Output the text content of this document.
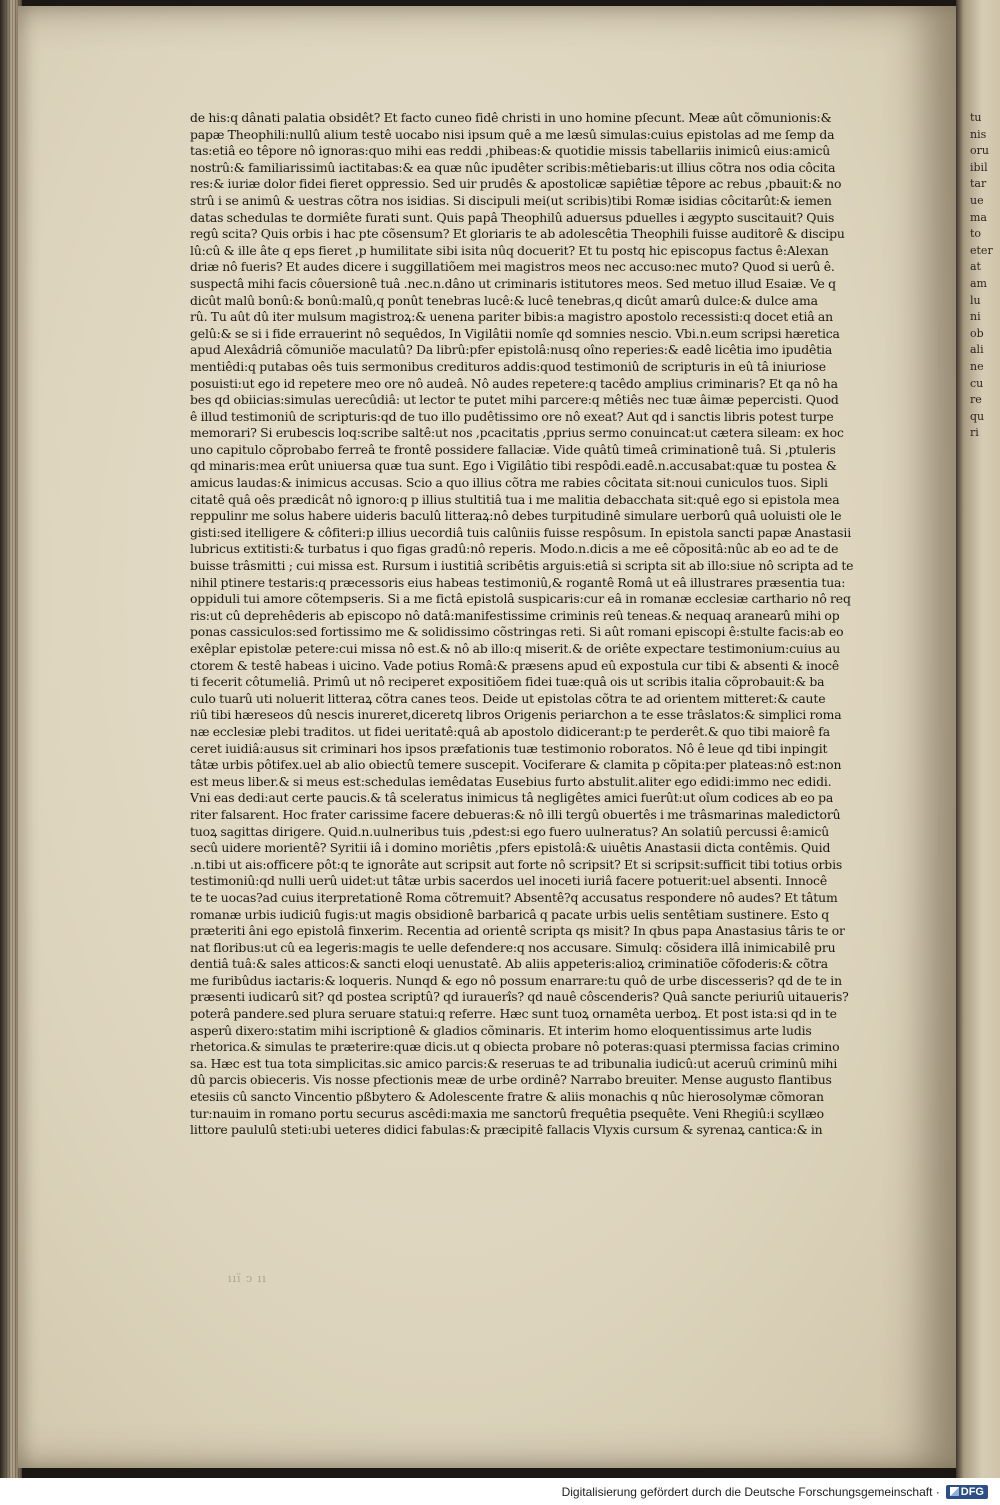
de his:q dânati palatia obsidêt? Et facto cuneo fidê christi in uno homine pſecunt. Meæ aût cõmunionis:&
papæ Theophili:nullû alium testê uocabo nisi ipsum quê a me læsû simulas:cuius epistolas ad me ſemp da
tas:etiâ eo têpore nô ignoras:quo mihi eas reddi ,phibeas:& quotidie missis tabellariis inimicû eius:amicû
nostrû:& familiarissimû iactitabas:& ea quæ nûc ipudêter scribis:mêtiebaris:ut illius cõtra nos odia côcita
res:& iuriæ dolor fidei fieret oppressio. Sed uir prudês & apostolicæ sapiêtiæ têpore ac rebus ,pbauit:& no
strû i se animû & uestras cõtra nos isidias. Si discipuli mei(ut scribis)tibi Romæ isidias côcitarût:& iemen
datas schedulas te dormiête furati sunt. Quis papâ Theophilû aduersus pduelles i ægypto suscitauit? Quis
regû scita? Quis orbis i hac pte cõsensum? Et gloriaris te ab adolescêtia Theophili fuisse auditorê & discipu
lû:cû & ille âte q eps fieret ,p humilitate sibi isita nûq docuerit? Et tu postq hic episcopus factus ê:Alexan
driæ nô fueris? Et audes dicere i suggillatiõem mei magistros meos nec accuso:nec muto? Quod si uerû ê.
suspectâ mihi facis côuersionê tuâ .nec.n.dâno ut criminaris istitutores meos. Sed metuo illud Esaiæ. Ve q
dicût malû bonû:& bonû:malû,q ponût tenebras lucê:& lucê tenebras,q dicût amarû dulce:& dulce ama
rû. Tu aût dû iter mulsum magistroꝝ:& uenena pariter bibis:a magistro apostolo recessisti:q docet etiâ an
gelû:& se si i fide errauerint nô sequêdos, In Vigilâtii nomîe qd somnies nescio. Vbi.n.eum scripsi hæretica
apud Alexâdriâ cõmuniõe maculatû? Da librû:pfer epistolâ:nusq oîno reperies:& eadê licêtia imo ipudêtia
mentiêdi:q putabas oês tuis sermonibus credituros addis:quod testimoniû de scripturis in eû tâ iniuriose
posuisti:ut ego id repetere meo ore nô audeâ. Nô audes repetere:q tacêdo amplius criminaris? Et qa nô ha
bes qd obiicias:simulas uerecûdiâ: ut lector te putet mihi parcere:q mêtiês nec tuæ âimæ pepercisti. Quod
ê illud testimoniû de scripturis:qd de tuo illo pudêtissimo ore nô exeat? Aut qd i sanctis libris potest turpe
memorari? Si erubescis loq:scribe saltê:ut nos ,pcacitatis ,pprius sermo conuincat:ut cætera sileam: ex hoc
uno capitulo cõprobabo ferreâ te frontê possidere fallaciæ. Vide quâtû timeâ criminationê tuâ. Si ,ptuleris
qd minaris:mea erût uniuersa quæ tua sunt. Ego i Vigilâtio tibi respôdi.eadê.n.accusabat:quæ tu postea &
amicus laudas:& inimicus accusas. Scio a quo illius cõtra me rabies côcitata sit:noui cuniculos tuos. Sipli
citatê quâ oês prædicât nô ignoro:q p illius stultitiâ tua i me malitia debacchata sit:quê ego si epistola mea
reppulinr me solus habere uideris baculû litteraꝝ:nô debes turpitudinê simulare uerborû quâ uoluisti ole le
gisti:sed itelligere & côfiteri:p illius uecordiâ tuis calûniis fuisse respôsum. In epistola sancti papæ Anastasii
lubricus extitisti:& turbatus i quo figas gradû:nô reperis. Modo.n.dicis a me eê cõpositâ:nûc ab eo ad te de
buisse trâsmitti ; cui missa est. Rursum i iustitiâ scribêtis arguis:etiâ si scripta sit ab illo:siue nô scripta ad te
nihil ptinere testaris:q præcessoris eius habeas testimoniû,& rogantê Româ ut eâ illustrares præsentia tua:
oppiduli tui amore cõtempseris. Si a me fictâ epistolâ suspicaris:cur eâ in romanæ ecclesiæ carthario nô req
ris:ut cû deprehêderis ab episcopo nô datâ:manifestissime criminis reû teneas.& nequaq aranearû mihi op
ponas cassiculos:sed fortissimo me & solidissimo cõstringas reti. Si aût romani episcopi ê:stulte facis:ab eo
exêplar epistolæ petere:cui missa nô est.& nô ab illo:q miserit.& de oriête expectare testimonium:cuius au
ctorem & testê habeas i uicino. Vade potius Româ:& præsens apud eû expostula cur tibi & absenti & inocê
ti fecerit côtumeliâ. Primû ut nô reciperet expositiõem fidei tuæ:quâ ois ut scribis italia cõprobauit:& ba
culo tuarû uti noluerit litteraꝝ cõtra canes teos. Deide ut epistolas cõtra te ad orientem mitteret:& caute
riû tibi hæreseos dû nescis inureret,diceretq libros Origenis periarchon a te esse trâslatos:& simplici roma
næ ecclesiæ plebi traditos. ut fidei ueritatê:quâ ab apostolo didicerant:p te perderêt.& quo tibi maiorê fa
ceret iuidiâ:ausus sit criminari hos ipsos præfationis tuæ testimonio roboratos. Nô ê leue qd tibi inpingit
tâtæ urbis pôtifex.uel ab alio obiectû temere suscepit. Vociferare & clamita p cõpita:per plateas:nô est:non
est meus liber.& si meus est:schedulas iemêdatas Eusebius furto abstulit.aliter ego edidi:immo nec edidi.
Vni eas dedi:aut certe paucis.& tâ sceleratus inimicus tâ negligêtes amici fuerût:ut oîum codices ab eo pa
riter falsarent. Hoc frater carissime facere debueras:& nô illi tergû obuertês i me trâsmarinas maledictorû
tuoꝝ sagittas dirigere. Quid.n.uulneribus tuis ,pdest:si ego fuero uulneratus? An solatiû percussi ê:amicû
secû uidere morientê? Syritii iâ i domino moriêtis ,pfers epistolâ:& uiuêtis Anastasii dicta contêmis. Quid
.n.tibi ut ais:officere pôt:q te ignorâte aut scripsit aut forte nô scripsit? Et si scripsit:sufficit tibi totius orbis
testimoniû:qd nulli uerû uidet:ut tâtæ urbis sacerdos uel inoceti iuriâ facere potuerit:uel absenti. Innocê
te te uocas?ad cuius iterpretationê Roma cõtremuit? Absentê?q accusatus respondere nô audes? Et tâtum
romanæ urbis iudiciû fugis:ut magis obsidionê barbaricâ q pacate urbis uelis sentêtiam sustinere. Esto q
præteriti âni ego epistolâ finxerim. Recentia ad orientê scripta qs misit? In qbus papa Anastasius târis te or
nat floribus:ut cû ea legeris:magis te uelle defendere:q nos accusare. Simulq: cõsidera illâ inimicabilê pru
dentiâ tuâ:& sales atticos:& sancti eloqi uenustatê. Ab aliis appeteris:alioꝝ criminatiõe cõfoderis:& cõtra
me furibûdus iactaris:& loqueris. Nunqd & ego nô possum enarrare:tu quô de urbe discesseris? qd de te in
præsenti iudicarû sit? qd postea scriptû? qd iurauerîs? qd nauê côscenderis? Quâ sancte periuriû uitaueris?
poterâ pandere.sed plura seruare statui:q referre. Hæc sunt tuoꝝ ornamêta uerboꝝ. Et post ista:si qd in te
asperû dixero:statim mihi iscriptionê & gladios cõminaris. Et interim homo eloquentissimus arte ludis
rhetorica.& simulas te præterire:quæ dicis.ut q obiecta probare nô poteras:quasi ptermissa facias crimino
sa. Hæc est tua tota simplicitas.sic amico parcis:& reseruas te ad tribunalia iudicû:ut aceruû criminû mihi
dû parcis obieceris. Vis nosse pfectionis meæ de urbe ordinê? Narrabo breuiter. Mense augusto flantibus
etesiis cû sancto Vincentio pßbytero & Adolescente fratre & aliis monachis q nûc hierosolymæ cõmoran
tur:nauim in romano portu securus ascêdi:maxia me sanctorû frequêtia psequête. Veni Rhegiû:i scyllæo
littore paululû steti:ubi ueteres didici fabulas:& præcipitê fallacis Vlyxis cursum & syrenaꝝ cantica:& in
ııı̈ ↄ ıı
tu
nis
oru
ibil
tar
ue
ma
to
eter
at
am
lu
ni
ob
ali
ne
cu
re
qu
ri
Digitalisierung gefördert durch die Deutsche Forschungsgemeinschaft · DFG
